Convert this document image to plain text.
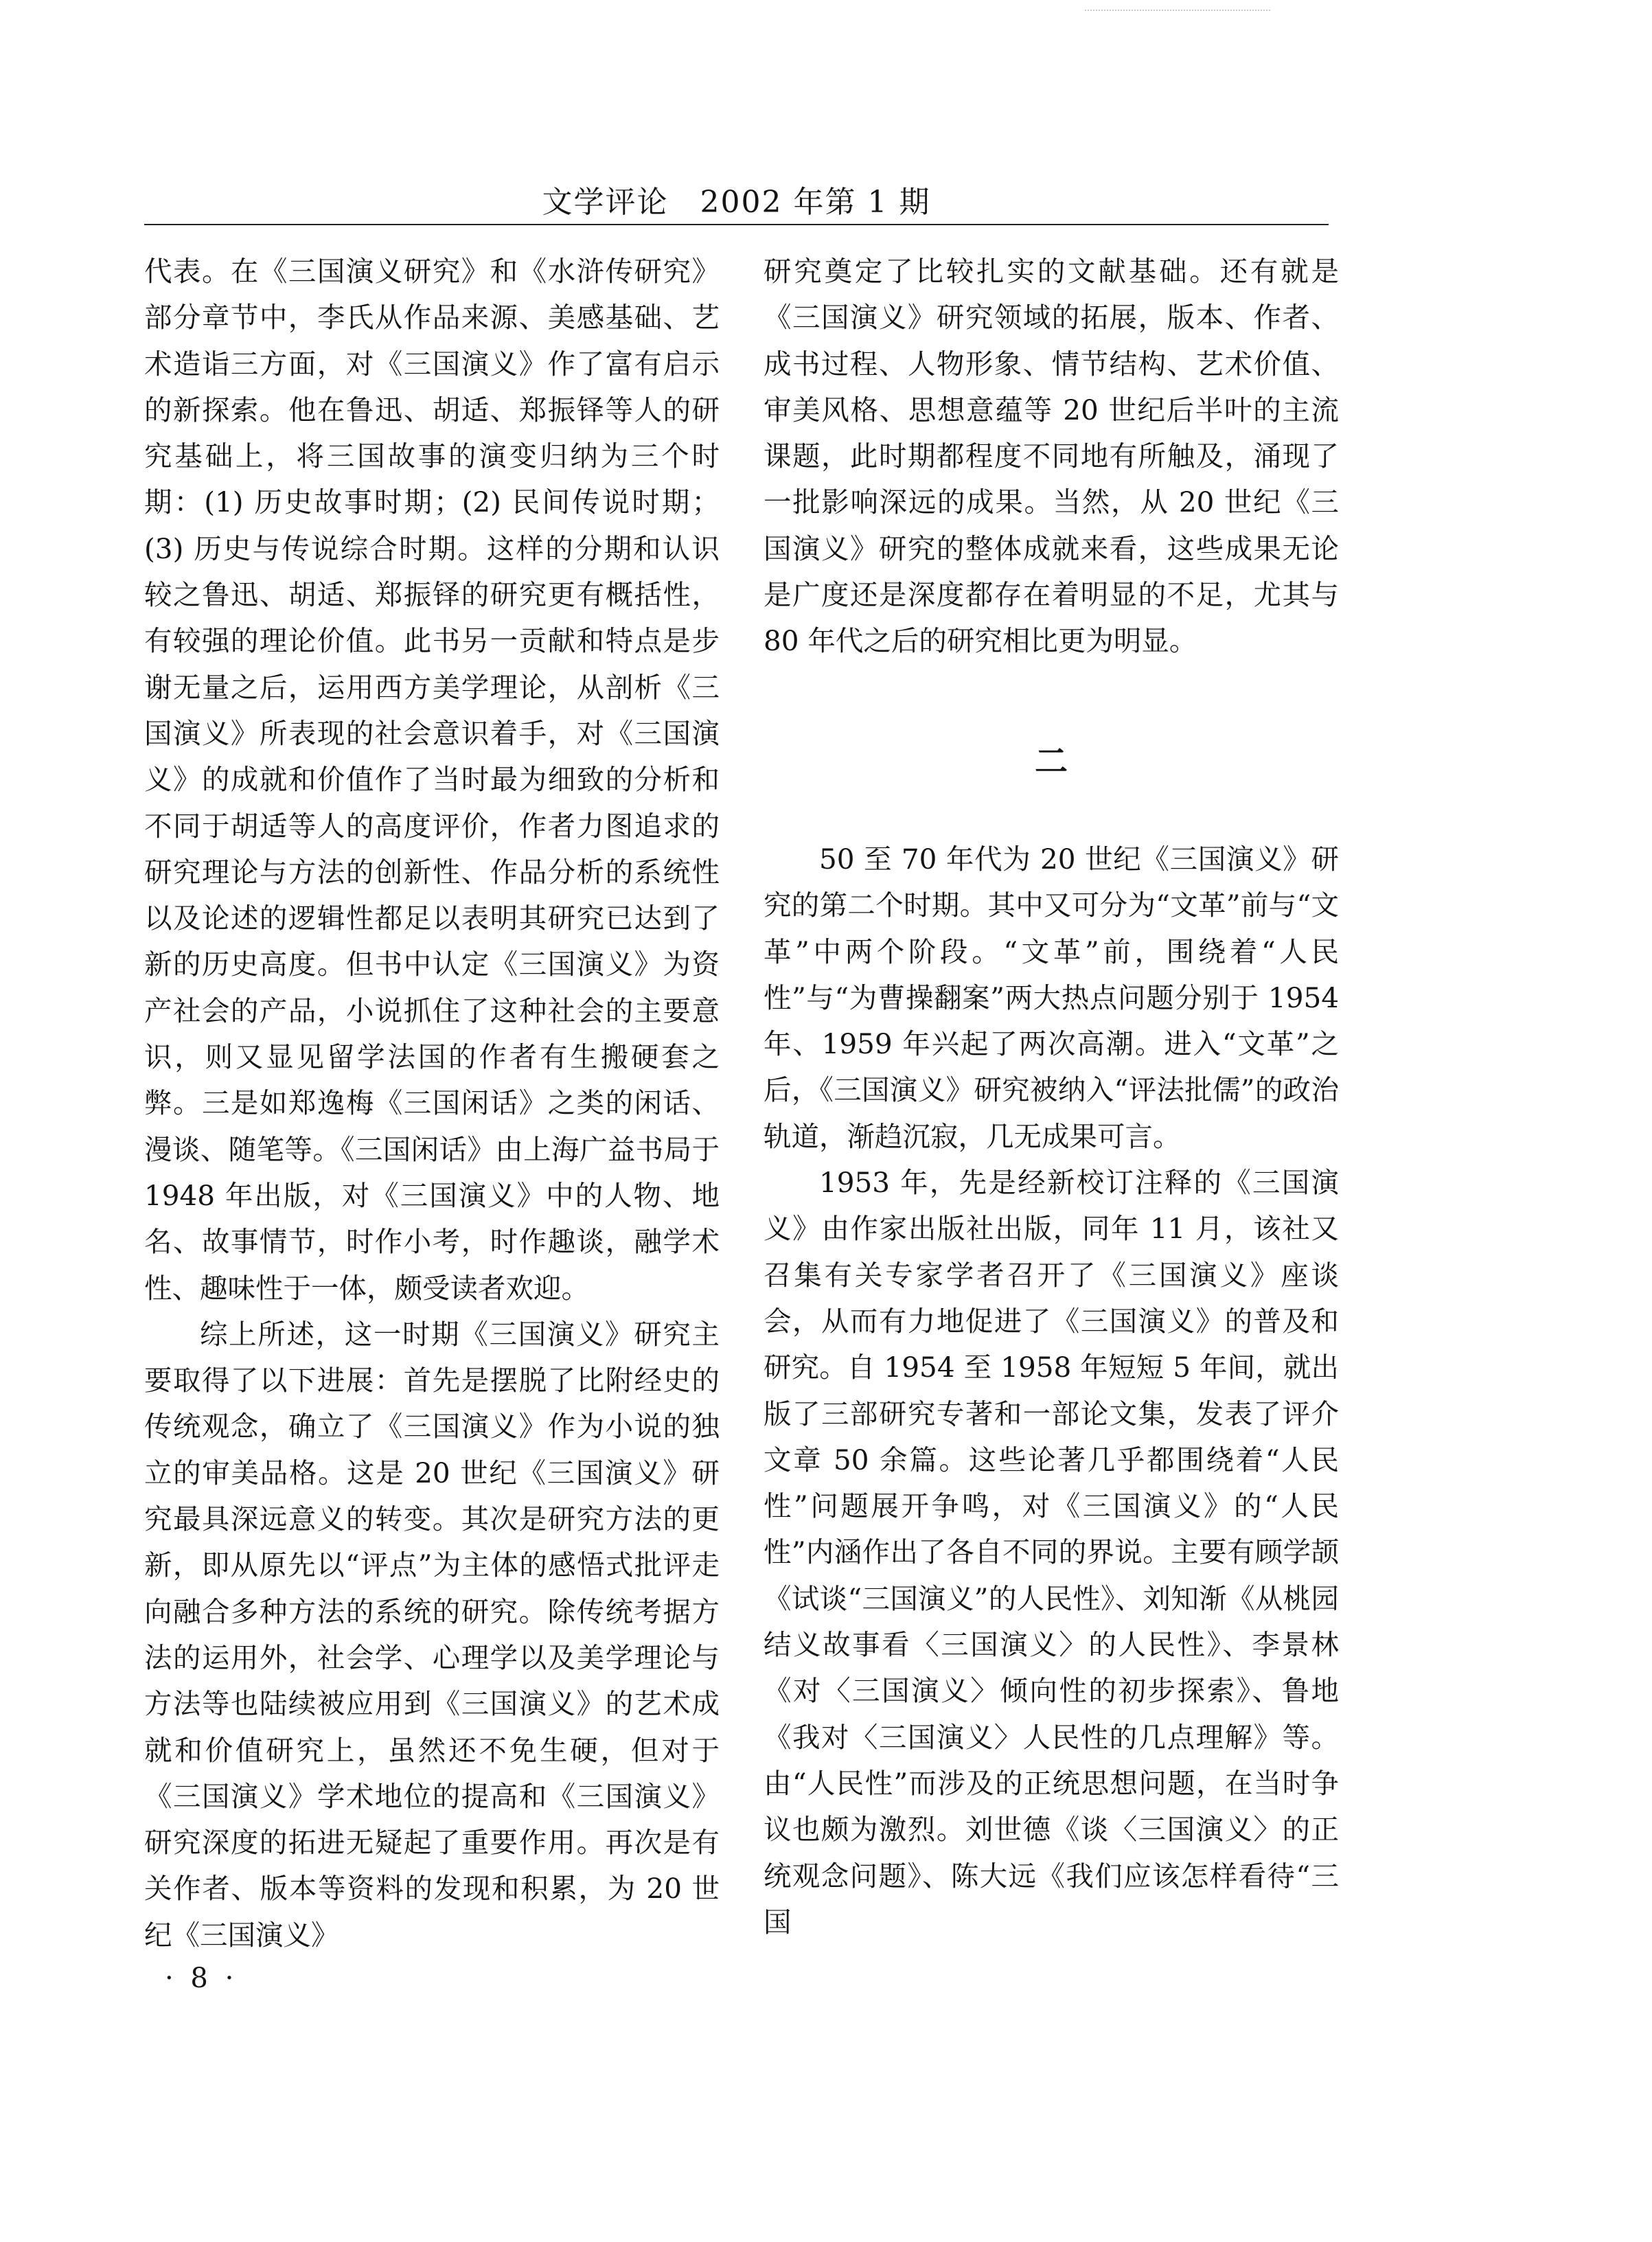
文学评论　2002 年第 1 期

代表。在《三国演义研究》和《水浒传研究》部分章节中，李氏从作品来源、美感基础、艺术造诣三方面，对《三国演义》作了富有启示的新探索。他在鲁迅、胡适、郑振铎等人的研究基础上，将三国故事的演变归纳为三个时期：(1) 历史故事时期；(2) 民间传说时期；(3) 历史与传说综合时期。这样的分期和认识较之鲁迅、胡适、郑振铎的研究更有概括性，有较强的理论价值。此书另一贡献和特点是步谢无量之后，运用西方美学理论，从剖析《三国演义》所表现的社会意识着手，对《三国演义》的成就和价值作了当时最为细致的分析和不同于胡适等人的高度评价，作者力图追求的研究理论与方法的创新性、作品分析的系统性以及论述的逻辑性都足以表明其研究已达到了新的历史高度。但书中认定《三国演义》为资产社会的产品，小说抓住了这种社会的主要意识，则又显见留学法国的作者有生搬硬套之弊。三是如郑逸梅《三国闲话》之类的闲话、漫谈、随笔等。《三国闲话》由上海广益书局于 1948 年出版，对《三国演义》中的人物、地名、故事情节，时作小考，时作趣谈，融学术性、趣味性于一体，颇受读者欢迎。

综上所述，这一时期《三国演义》研究主要取得了以下进展：首先是摆脱了比附经史的传统观念，确立了《三国演义》作为小说的独立的审美品格。这是 20 世纪《三国演义》研究最具深远意义的转变。其次是研究方法的更新，即从原先以“评点”为主体的感悟式批评走向融合多种方法的系统的研究。除传统考据方法的运用外，社会学、心理学以及美学理论与方法等也陆续被应用到《三国演义》的艺术成就和价值研究上，虽然还不免生硬，但对于《三国演义》学术地位的提高和《三国演义》研究深度的拓进无疑起了重要作用。再次是有关作者、版本等资料的发现和积累，为 20 世纪《三国演义》

研究奠定了比较扎实的文献基础。还有就是《三国演义》研究领域的拓展，版本、作者、成书过程、人物形象、情节结构、艺术价值、审美风格、思想意蕴等 20 世纪后半叶的主流课题，此时期都程度不同地有所触及，涌现了一批影响深远的成果。当然，从 20 世纪《三国演义》研究的整体成就来看，这些成果无论是广度还是深度都存在着明显的不足，尤其与 80 年代之后的研究相比更为明显。

二

50 至 70 年代为 20 世纪《三国演义》研究的第二个时期。其中又可分为“文革”前与“文革”中两个阶段。“文革”前，围绕着“人民性”与“为曹操翻案”两大热点问题分别于 1954 年、1959 年兴起了两次高潮。进入“文革”之后，《三国演义》研究被纳入“评法批儒”的政治轨道，渐趋沉寂，几无成果可言。

1953 年，先是经新校订注释的《三国演义》由作家出版社出版，同年 11 月，该社又召集有关专家学者召开了《三国演义》座谈会，从而有力地促进了《三国演义》的普及和研究。自 1954 至 1958 年短短 5 年间，就出版了三部研究专著和一部论文集，发表了评介文章 50 余篇。这些论著几乎都围绕着“人民性”问题展开争鸣，对《三国演义》的“人民性”内涵作出了各自不同的界说。主要有顾学颉《试谈“三国演义”的人民性》、刘知渐《从桃园结义故事看〈三国演义〉的人民性》、李景林《对〈三国演义〉倾向性的初步探索》、鲁地《我对〈三国演义〉人民性的几点理解》等。由“人民性”而涉及的正统思想问题，在当时争议也颇为激烈。刘世德《谈〈三国演义〉的正统观念问题》、陈大远《我们应该怎样看待“三国

· 8 ·
